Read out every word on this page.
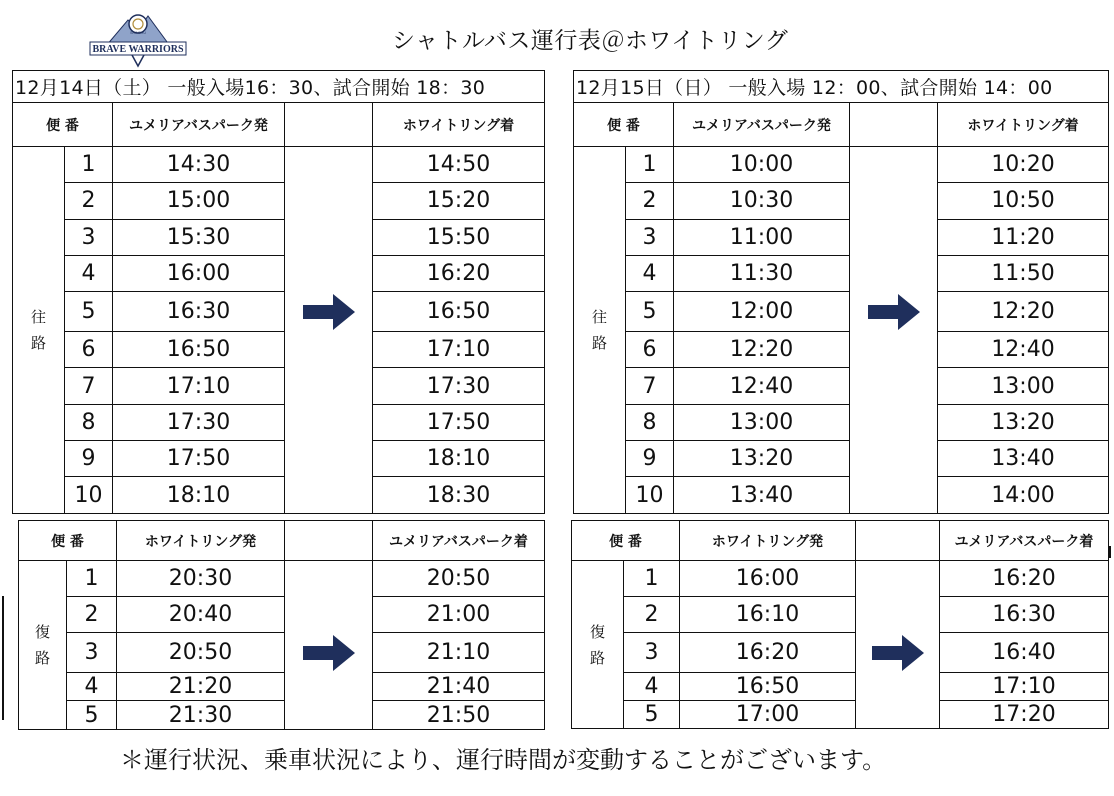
BRAVE WARRIORS
SHINSHU	シャトルバス運行表＠ホワイトリング
12月14日（土） 一般入場16：30、試合開始 18：30				
便 番		ユメリアバスパーク発		ホワイトリング着

往
路	1	14:30		14:50
	2	15:00		15:20
	3	15:30		15:50
	4	16:00		16:20
	5	16:30		16:50
	6	16:50		17:10
	7	17:10		17:30
	8	17:30		17:50
	9	17:50		18:10
	10	18:10		18:30
12月15日（日） 一般入場 12：00、試合開始 14：00				
便 番		ユメリアバスパーク発		ホワイトリング着

往
路	1	10:00		10:20
	2	10:30		10:50
	3	11:00		11:20
	4	11:30		11:50
	5	12:00		12:20
	6	12:20		12:40
	7	12:40		13:00
	8	13:00		13:20
	9	13:20		13:40
	10	13:40		14:00
便 番		ホワイトリング発		ユメリアバスパーク着

復
路	1	20:30		20:50
	2	20:40		21:00
	3	20:50		21:10
	4	21:20		21:40
	5	21:30		21:50
便 番		ホワイトリング発		ユメリアバスパーク着

復
路	1	16:00		16:20
	2	16:10		16:30
	3	16:20		16:40
	4	16:50		17:10
	5	17:00		17:20
＊運行状況、乗車状況により、運行時間が変動することがございます。
